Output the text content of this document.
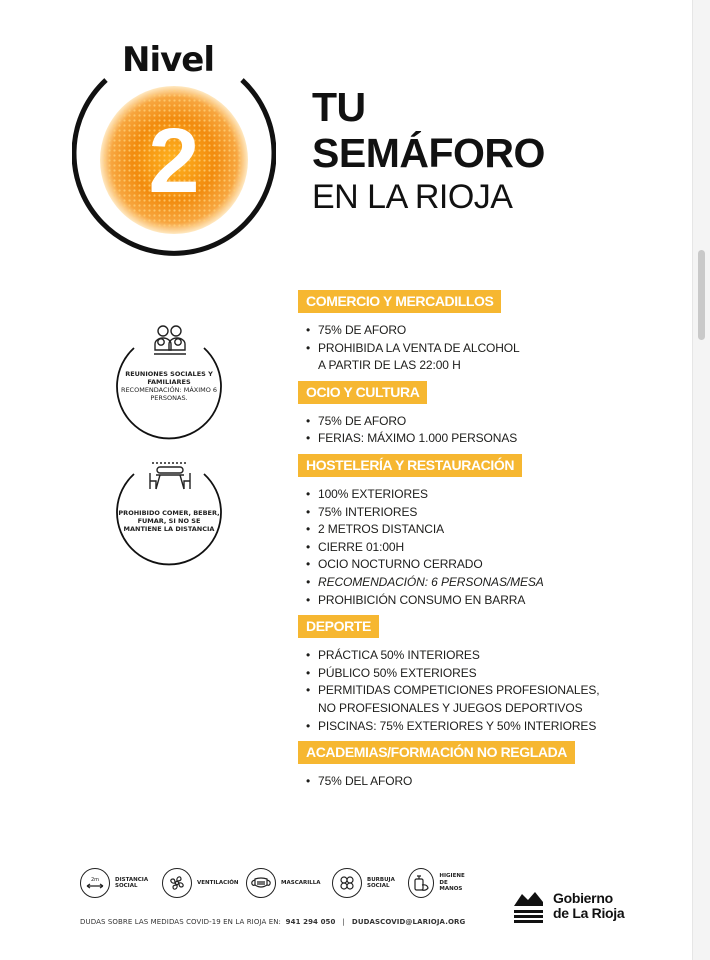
Nivel
2
TU
SEMÁFORO
EN LA RIOJA
REUNIONES SOCIALES Y FAMILIARES
RECOMENDACIÓN: MÁXIMO 6 PERSONAS.
PROHIBIDO COMER, BEBER, FUMAR, SI NO SE MANTIENE LA DISTANCIA
COMERCIO Y MERCADILLOS
• 75% DE AFORO
• PROHIBIDA LA VENTA DE ALCOHOL
A PARTIR DE LAS 22:00 H
OCIO Y CULTURA
• 75% DE AFORO
• FERIAS: MÁXIMO 1.000 PERSONAS
HOSTELERÍA Y RESTAURACIÓN
• 100% EXTERIORES
• 75% INTERIORES
• 2 METROS DISTANCIA
• CIERRE 01:00H
• OCIO NOCTURNO CERRADO
• RECOMENDACIÓN: 6 PERSONAS/MESA
• PROHIBICIÓN CONSUMO EN BARRA
DEPORTE
• PRÁCTICA 50% INTERIORES
• PÚBLICO 50% EXTERIORES
• PERMITIDAS COMPETICIONES PROFESIONALES,
NO PROFESIONALES Y JUEGOS DEPORTIVOS
• PISCINAS: 75% EXTERIORES Y 50% INTERIORES
ACADEMIAS/FORMACIÓN NO REGLADA
• 75% DEL AFORO
2m	DISTANCIA
SOCIAL
VENTILACIÓN	MASCARILLA
BURBUJA
SOCIAL
HIGIENE
DE MANOS
DUDAS SOBRE LAS MEDIDAS COVID-19 EN LA RIOJA EN: 941 294 050 | DUDASCOVID@LARIOJA.ORG
Gobierno
de La Rioja
